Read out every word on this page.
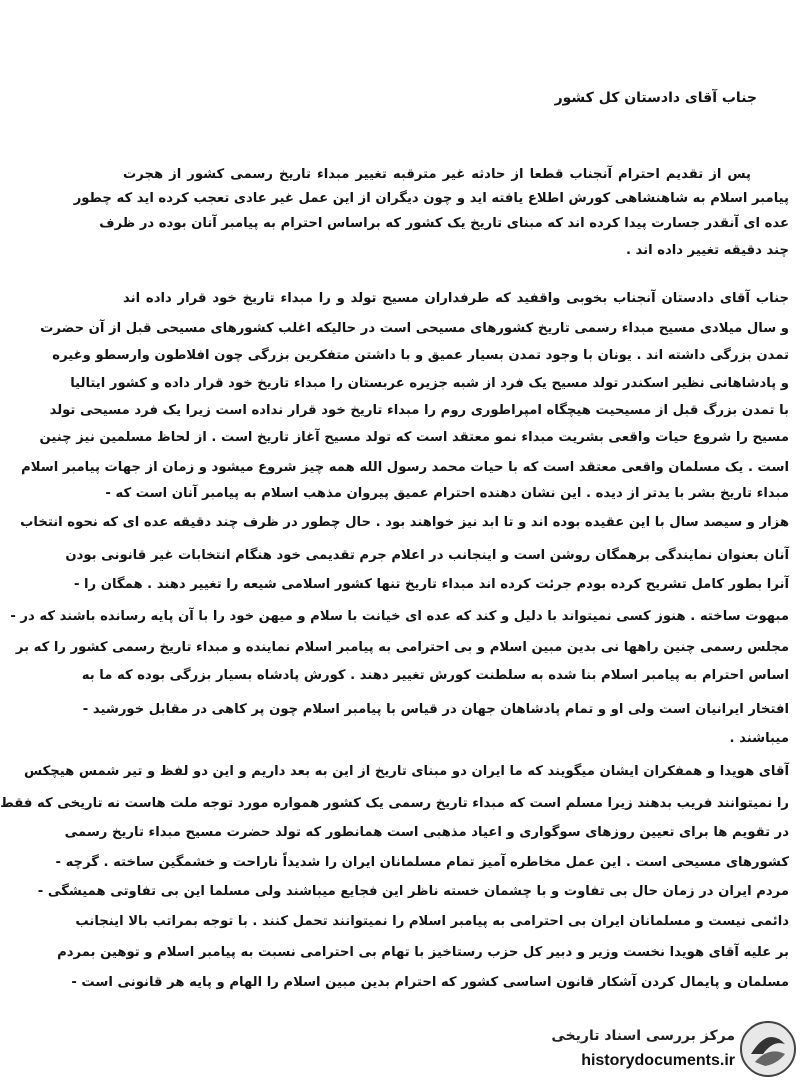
جناب آقای دادستان کل کشور
پس از تقدیم احترام آنجناب قطعا از حادثه غیر مترقبه تغییر مبداء تاریخ رسمی کشور از هجرت
پیامبر اسلام به شاهنشاهی کورش اطلاع یافته اید و چون دیگران از این عمل غیر عادی تعجب کرده اید که چطور
عده ای آنقدر جسارت پیدا کرده اند که مبنای تاریخ یک کشور که براساس احترام به پیامبر آنان بوده در ظرف
چند دقیقه تغییر داده اند .
جناب آقای دادستان آنجناب بخوبی واقفید که طرفداران مسیح تولد و را مبداء تاریخ خود قرار داده اند
و سال میلادی مسیح مبداء رسمی تاریخ کشورهای مسیحی است در حالیکه اغلب کشورهای مسیحی قبل از آن حضرت
تمدن بزرگی داشته اند . یونان با وجود تمدن بسیار عمیق و با داشتن متفکرین بزرگی چون افلاطون وارسطو وغیره
و پادشاهانی نظیر اسکندر تولد مسیح یک فرد از شبه جزیره عربستان را مبداء تاریخ خود قرار داده و کشور ایتالیا
با تمدن بزرگ قبل از مسیحیت هیچگاه امپراطوری روم را مبداء تاریخ خود قرار نداده است زیرا یک فرد مسیحی تولد
مسیح را شروع حیات واقعی بشریت مبداء نمو معتقد است که تولد مسیح آغاز تاریخ است . از لحاظ مسلمین نیز چنین
است . یک مسلمان واقعی معتقد است که با حیات محمد رسول الله همه چیز شروع میشود و زمان از جهات پیامبر اسلام
مبداء تاریخ بشر با یدتر از دیده . این نشان دهنده احترام عمیق پیروان مذهب اسلام به پیامبر آنان است که -
هزار و سیصد سال با این عقیده بوده اند و تا ابد نیز خواهند بود . حال چطور در ظرف چند دقیقه عده ای که نحوه انتخاب
آنان بعنوان نمایندگی برهمگان روشن است و اینجانب در اعلام جرم تقدیمی خود هنگام انتخابات غیر قانونی بودن
آنرا بطور کامل تشریح کرده بودم جرئت کرده اند مبداء تاریخ تنها کشور اسلامی شیعه را تغییر دهند . همگان را -
مبهوت ساخته . هنوز کسی نمیتواند با دلیل و کند که عده ای خیانت با سلام و میهن خود را با آن پایه رسانده باشند که در -
مجلس رسمی چنین راهها نی بدین مبین اسلام و بی احترامی به پیامبر اسلام نماینده و مبداء تاریخ رسمی کشور را که بر
اساس احترام به پیامبر اسلام بنا شده به سلطنت کورش تغییر دهند . کورش پادشاه بسیار بزرگی بوده که ما به
افتخار ایرانیان است ولی او و تمام پادشاهان جهان در قیاس با پیامبر اسلام چون پر کاهی در مقابل خورشید -
میباشند .
آقای هویدا و همفکران ایشان میگویند که ما ایران دو مبنای تاریخ از این به بعد داریم و این دو لفظ و تیر شمس هیچکس
را نمیتوانند فریب بدهند زیرا مسلم است که مبداء تاریخ رسمی یک کشور همواره مورد توجه ملت هاست نه تاریخی که فقط
در تقویم ها برای تعیین روزهای سوگواری و اعیاد مذهبی است همانطور که تولد حضرت مسیح مبداء تاریخ رسمی
کشورهای مسیحی است . این عمل مخاطره آمیز تمام مسلمانان ایران را شدیداً ناراحت و خشمگین ساخته . گرچه -
مردم ایران در زمان حال بی تفاوت و با چشمان خسته ناظر این فجایع میباشند ولی مسلما این بی تفاوتی همیشگی -
دائمی نیست و مسلمانان ایران بی احترامی به پیامبر اسلام را نمیتوانند تحمل کنند . با توجه بمراتب بالا اینجانب
بر علیه آقای هویدا نخست وزیر و دبیر کل حزب رستاخیز با تهام بی احترامی نسبت به پیامبر اسلام و توهین بمردم
مسلمان و پایمال کردن آشکار قانون اساسی کشور که احترام بدین مبین اسلام را الهام و پایه هر قانونی است -
مرکز بررسی اسناد تاریخی
historydocuments.ir
